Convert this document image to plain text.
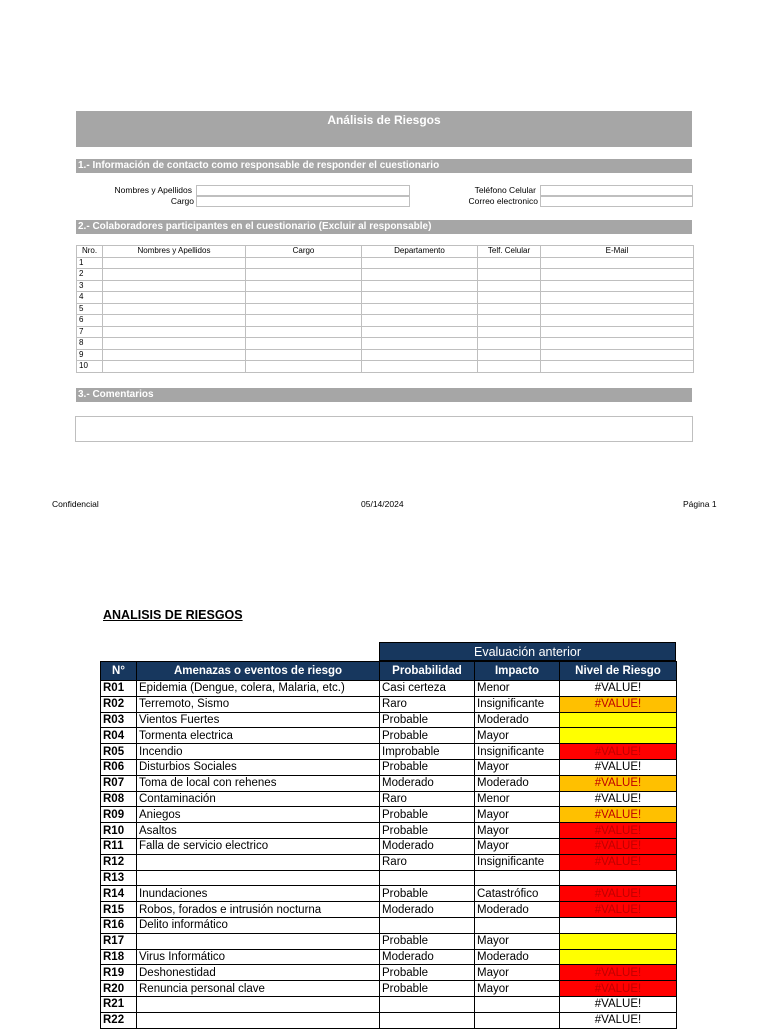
Análisis de Riesgos
1.- Información de contacto como responsable de responder el cuestionario
Nombres y Apellidos
Cargo
Teléfono Celular
Correo electronico
2.- Colaboradores participantes en el cuestionario (Excluir al responsable)
Nro.	Nombres y Apellidos	Cargo	Departamento	Telf. Celular	E-Mail
1					
2					
3					
4					
5					
6					
7					
8					
9					
10					
3.- Comentarios
Confidencial	05/14/2024	Página 1
ANALISIS DE RIESGOS
Evaluación anterior
N°	Amenazas o eventos de riesgo	Probabilidad	Impacto	Nivel de Riesgo
R01	Epidemia (Dengue, colera, Malaria, etc.)	Casi certeza	Menor	#VALUE!
R02	Terremoto, Sismo	Raro	Insignificante	#VALUE!
R03	Vientos Fuertes	Probable	Moderado	
R04	Tormenta electrica	Probable	Mayor	
R05	Incendio	Improbable	Insignificante	#VALUE!
R06	Disturbios Sociales	Probable	Mayor	#VALUE!
R07	Toma de local con rehenes	Moderado	Moderado	#VALUE!
R08	Contaminación	Raro	Menor	#VALUE!
R09	Aniegos	Probable	Mayor	#VALUE!
R10	Asaltos	Probable	Mayor	#VALUE!
R11	Falla de servicio electrico	Moderado	Mayor	#VALUE!
R12		Raro	Insignificante	#VALUE!
R13				
R14	Inundaciones	Probable	Catastrófico	#VALUE!
R15	Robos, forados e intrusión nocturna	Moderado	Moderado	#VALUE!
R16	Delito informático			
R17		Probable	Mayor	
R18	Virus Informático	Moderado	Moderado	
R19	Deshonestidad	Probable	Mayor	#VALUE!
R20	Renuncia personal clave	Probable	Mayor	#VALUE!
R21				#VALUE!
R22				#VALUE!
